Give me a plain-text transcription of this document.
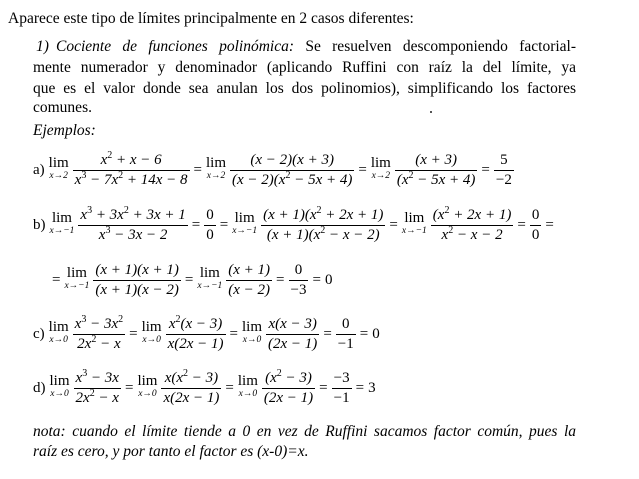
Aparece este tipo de límites principalmente en 2 casos diferentes:
1) Cociente de funciones polinómica: Se resuelven descomponiendo factorial-
mente numerador y denominador (aplicando Ruffini con raíz la del límite, ya
que es el valor donde sea anulan los dos polinomios), simplificando los factores
comunes.
Ejemplos:
a) lim
$x\to 2 \frac{x^2 + x - 6}{x^3 - 7x^2 + 14x - 8} = \lim$
$x\to 2 \frac{(x - 2)(x + 3)}{(x - 2)(x^2 - 5x + 4)} = \lim$
$x\to 2 \frac{(x + 3)}{(x^2 - 5x + 4)} = \frac{5}{-2}$
b) lim
$x\to-1 \frac{x^3 + 3x^2 + 3x + 1}{x^3 - 3x - 2} = \frac{0}{0} = \lim$
$x\to-1 \frac{(x + 1)(x^2 + 2x + 1)}{(x + 1)(x^2 - x - 2)} = \lim$
$x\to-1 \frac{(x^2 + 2x + 1)}{x^2 - x - 2} = \frac{0}{0}$ =
= lim
$x\to-1 \frac{(x + 1)(x + 1)}{(x + 1)(x - 2)} = \lim$
$x\to-1 \frac{(x + 1)}{(x - 2)} = \frac{0}{-3} = 0$
c) lim
$x\to 0 \frac{x^3 - 3x^2}{2x^2 - x} = \lim$
$x\to 0 \frac{x^2(x - 3)}{x(2x - 1)} = \lim$
$x\to 0 \frac{x(x - 3)}{(2x - 1)} = \frac{0}{-1} = 0$
d) lim
$x\to 0 \frac{x^3 - 3x}{2x^2 - x} = \lim$
$x\to 0 \frac{x(x^2 - 3)}{x(2x - 1)} = \lim$
$x\to 0 \frac{(x^2 - 3)}{(2x - 1)} = \frac{-3}{-1} = 3$
nota: cuando el límite tiende a 0 en vez de Ruffini sacamos factor común, pues la
raíz es cero, y por tanto el factor es (x-0)=x.
